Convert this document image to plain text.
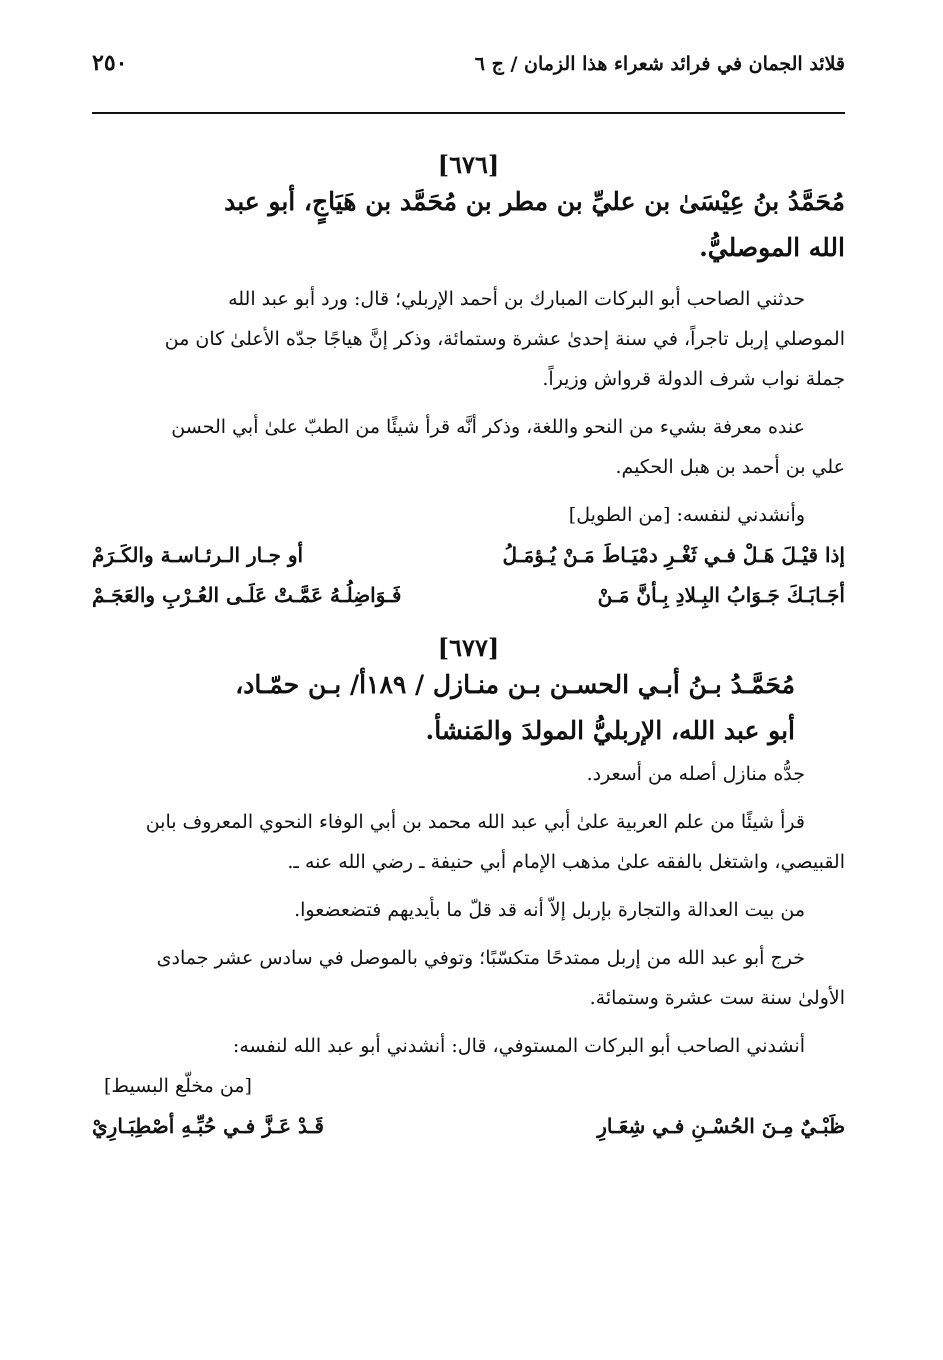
قلائد الجمان في فرائد شعراء هذا الزمان / ج ٦
٢٥٠

[٦٧٦]

مُحَمَّدُ بنُ عِيْسَىٰ بن عليِّ بن مطر بن مُحَمَّد بن هَيَاجٍ، أبو عبد
الله الموصليُّ.
حدثني الصاحب أبو البركات المبارك بن أحمد الإربلي؛ قال: ورد أبو عبد الله
الموصلي إربل تاجراً، في سنة إحدىٰ عشرة وستمائة، وذكر إنَّ هياجًا جدّه الأعلىٰ كان من
جملة نواب شرف الدولة قرواش وزيراً.
عنده معرفة بشيء من النحو واللغة، وذكر أنَّه قرأ شيئًا من الطبّ علىٰ أبي الحسن
علي بن أحمد بن هبل الحكيم.

وأنشدني لنفسه: [من الطويل]

إذا قيْـلَ هَـلْ فـي ثَغْـرِ دمْيَـاطَ مَـنْ يُـؤمَـلُ
أو جـار الـرئـاسـة والكَـرَمْ
أجَـابَـكَ جَـوَابُ البِـلادِ بِـأنَّ مَـنْ
فَـوَاضِلُـهُ عَمَّـتْ عَلَـى العُـرْبِ والعَجَـمْ

[٦٧٧]

مُحَمَّـدُ بـنُ أبـي الحسـن بـن منـازل / ١٨٩أ/ بـن حمّـاد،
أبو عبد الله، الإربليُّ المولدَ والمَنشأ.

جدُّه منازل أصله من أسعرد.

قرأ شيئًا من علم العربية علىٰ أبي عبد الله محمد بن أبي الوفاء النحوي المعروف بابن
القبيصي، واشتغل بالفقه علىٰ مذهب الإمام أبي حنيفة ـ رضي الله عنه ـ.

من بيت العدالة والتجارة بإربل إلاّ أنه قد قلّ ما بأيديهم فتضعضعوا.

خرج أبو عبد الله من إربل ممتدحًا متكسّبًا؛ وتوفي بالموصل في سادس عشر جمادى
الأولىٰ سنة ست عشرة وستمائة.

أنشدني الصاحب أبو البركات المستوفي، قال: أنشدني أبو عبد الله لنفسه:

[من مخلّع البسيط]

ظَبْـيٌ مِـنَ الحُسْـنِ فـي شِعَـارِ
قَـدْ عَـزَّ فـي حُبِّـهِ أصْطِبَـارِيْ
